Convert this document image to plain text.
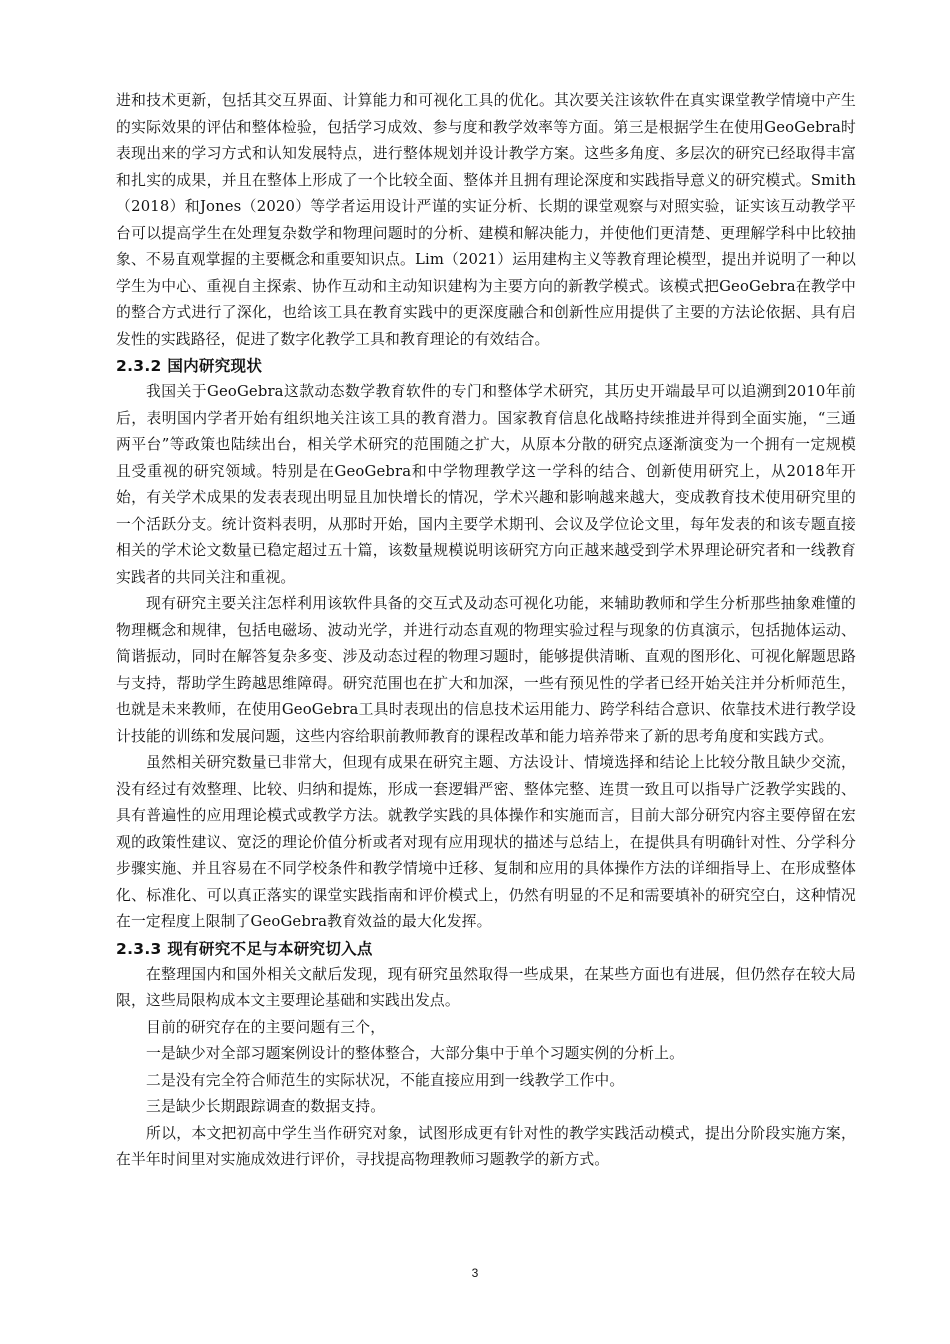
进和技术更新，包括其交互界面、计算能力和可视化工具的优化。其次要关注该软件在真实课堂教学情境中产生的实际效果的评估和整体检验，包括学习成效、参与度和教学效率等方面。第三是根据学生在使用GeoGebra时表现出来的学习方式和认知发展特点，进行整体规划并设计教学方案。这些多角度、多层次的研究已经取得丰富和扎实的成果，并且在整体上形成了一个比较全面、整体并且拥有理论深度和实践指导意义的研究模式。Smith（2018）和Jones（2020）等学者运用设计严谨的实证分析、长期的课堂观察与对照实验，证实该互动教学平台可以提高学生在处理复杂数学和物理问题时的分析、建模和解决能力，并使他们更清楚、更理解学科中比较抽象、不易直观掌握的主要概念和重要知识点。Lim（2021）运用建构主义等教育理论模型，提出并说明了一种以学生为中心、重视自主探索、协作互动和主动知识建构为主要方向的新教学模式。该模式把GeoGebra在教学中的整合方式进行了深化，也给该工具在教育实践中的更深度融合和创新性应用提供了主要的方法论依据、具有启发性的实践路径，促进了数字化教学工具和教育理论的有效结合。

2.3.2 国内研究现状

我国关于GeoGebra这款动态数学教育软件的专门和整体学术研究，其历史开端最早可以追溯到2010年前后，表明国内学者开始有组织地关注该工具的教育潜力。国家教育信息化战略持续推进并得到全面实施，“三通两平台”等政策也陆续出台，相关学术研究的范围随之扩大，从原本分散的研究点逐渐演变为一个拥有一定规模且受重视的研究领域。特别是在GeoGebra和中学物理教学这一学科的结合、创新使用研究上，从2018年开始，有关学术成果的发表表现出明显且加快增长的情况，学术兴趣和影响越来越大，变成教育技术使用研究里的一个活跃分支。统计资料表明，从那时开始，国内主要学术期刊、会议及学位论文里，每年发表的和该专题直接相关的学术论文数量已稳定超过五十篇，该数量规模说明该研究方向正越来越受到学术界理论研究者和一线教育实践者的共同关注和重视。

现有研究主要关注怎样利用该软件具备的交互式及动态可视化功能，来辅助教师和学生分析那些抽象难懂的物理概念和规律，包括电磁场、波动光学，并进行动态直观的物理实验过程与现象的仿真演示，包括抛体运动、简谐振动，同时在解答复杂多变、涉及动态过程的物理习题时，能够提供清晰、直观的图形化、可视化解题思路与支持，帮助学生跨越思维障碍。研究范围也在扩大和加深，一些有预见性的学者已经开始关注并分析师范生，也就是未来教师，在使用GeoGebra工具时表现出的信息技术运用能力、跨学科结合意识、依靠技术进行教学设计技能的训练和发展问题，这些内容给职前教师教育的课程改革和能力培养带来了新的思考角度和实践方式。

虽然相关研究数量已非常大，但现有成果在研究主题、方法设计、情境选择和结论上比较分散且缺少交流，没有经过有效整理、比较、归纳和提炼，形成一套逻辑严密、整体完整、连贯一致且可以指导广泛教学实践的、具有普遍性的应用理论模式或教学方法。就教学实践的具体操作和实施而言，目前大部分研究内容主要停留在宏观的政策性建议、宽泛的理论价值分析或者对现有应用现状的描述与总结上，在提供具有明确针对性、分学科分步骤实施、并且容易在不同学校条件和教学情境中迁移、复制和应用的具体操作方法的详细指导上、在形成整体化、标准化、可以真正落实的课堂实践指南和评价模式上，仍然有明显的不足和需要填补的研究空白，这种情况在一定程度上限制了GeoGebra教育效益的最大化发挥。

2.3.3 现有研究不足与本研究切入点

在整理国内和国外相关文献后发现，现有研究虽然取得一些成果，在某些方面也有进展，但仍然存在较大局限，这些局限构成本文主要理论基础和实践出发点。

目前的研究存在的主要问题有三个，

一是缺少对全部习题案例设计的整体整合，大部分集中于单个习题实例的分析上。

二是没有完全符合师范生的实际状况，不能直接应用到一线教学工作中。

三是缺少长期跟踪调查的数据支持。

所以，本文把初高中学生当作研究对象，试图形成更有针对性的教学实践活动模式，提出分阶段实施方案，在半年时间里对实施成效进行评价，寻找提高物理教师习题教学的新方式。

3
